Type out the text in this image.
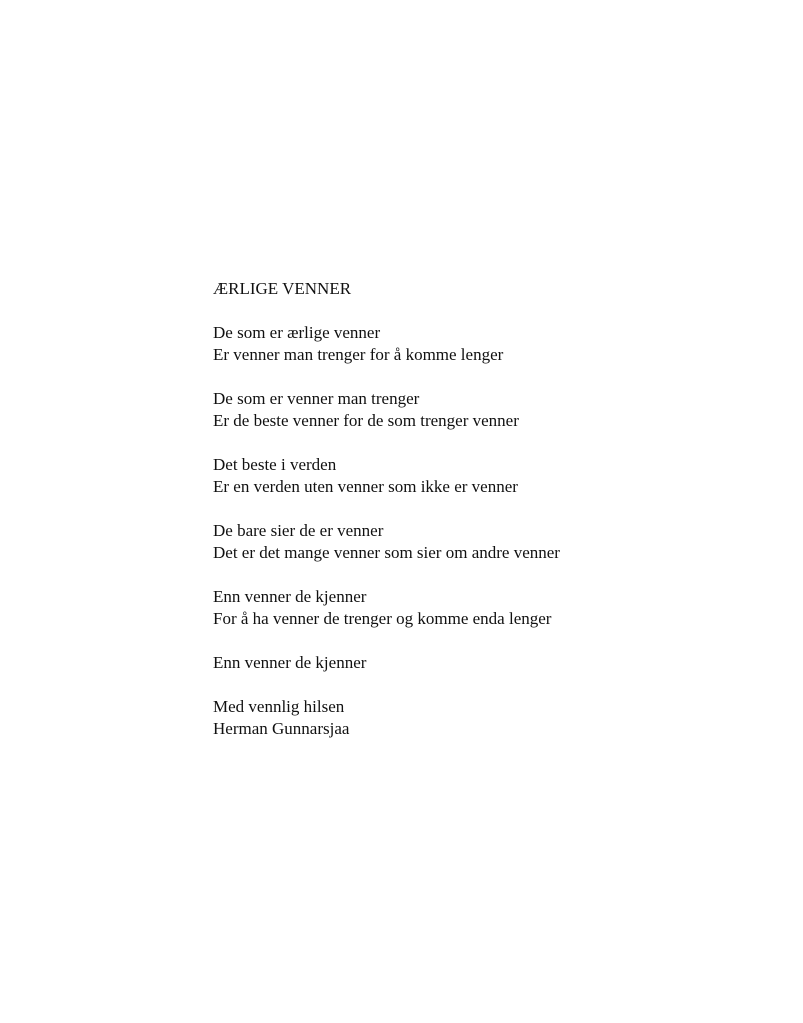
ÆRLIGE VENNER
De som er ærlige venner
Er venner man trenger for å komme lenger
De som er venner man trenger
Er de beste venner for de som trenger venner
Det beste i verden
Er en verden uten venner som ikke er venner
De bare sier de er venner
Det er det mange venner som sier om andre venner
Enn venner de kjenner
For å ha venner de trenger og komme enda lenger
Enn venner de kjenner
Med vennlig hilsen
Herman Gunnarsjaa
